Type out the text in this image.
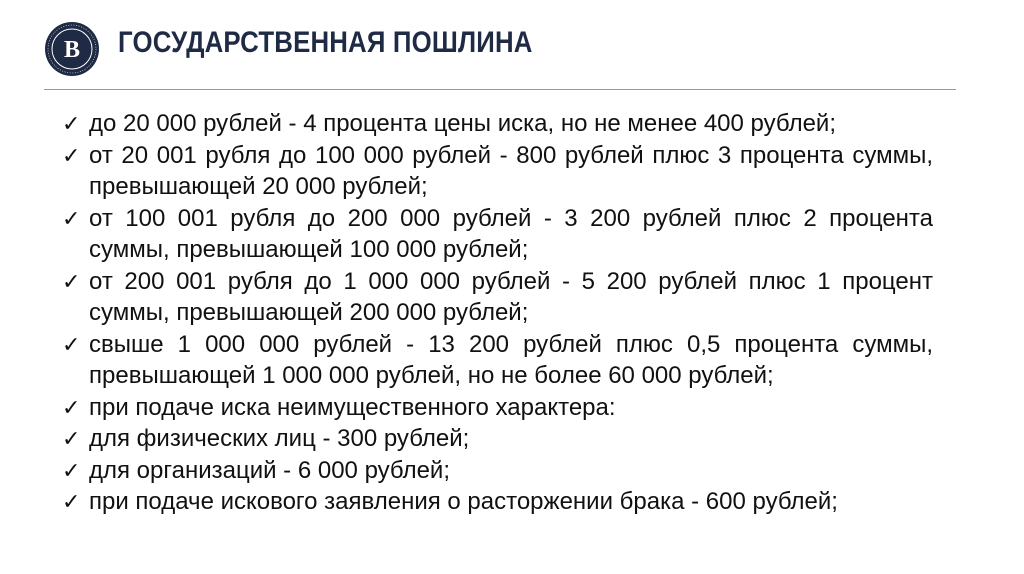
В ГОСУДАРСТВЕННАЯ ПОШЛИНА
✓ до 20 000 рублей - 4 процента цены иска, но не менее 400 рублей;
✓ от 20 001 рубля до 100 000 рублей - 800 рублей плюс 3 процента суммы, превышающей 20 000 рублей;
✓ от 100 001 рубля до 200 000 рублей - 3 200 рублей плюс 2 процента суммы, превышающей 100 000 рублей;
✓ от 200 001 рубля до 1 000 000 рублей - 5 200 рублей плюс 1 процент суммы, превышающей 200 000 рублей;
✓ свыше 1 000 000 рублей - 13 200 рублей плюс 0,5 процента суммы, превышающей 1 000 000 рублей, но не более 60 000 рублей;
✓ при подаче иска неимущественного характера:
✓ для физических лиц - 300 рублей;
✓ для организаций - 6 000 рублей;
✓ при подаче искового заявления о расторжении брака - 600 рублей;
